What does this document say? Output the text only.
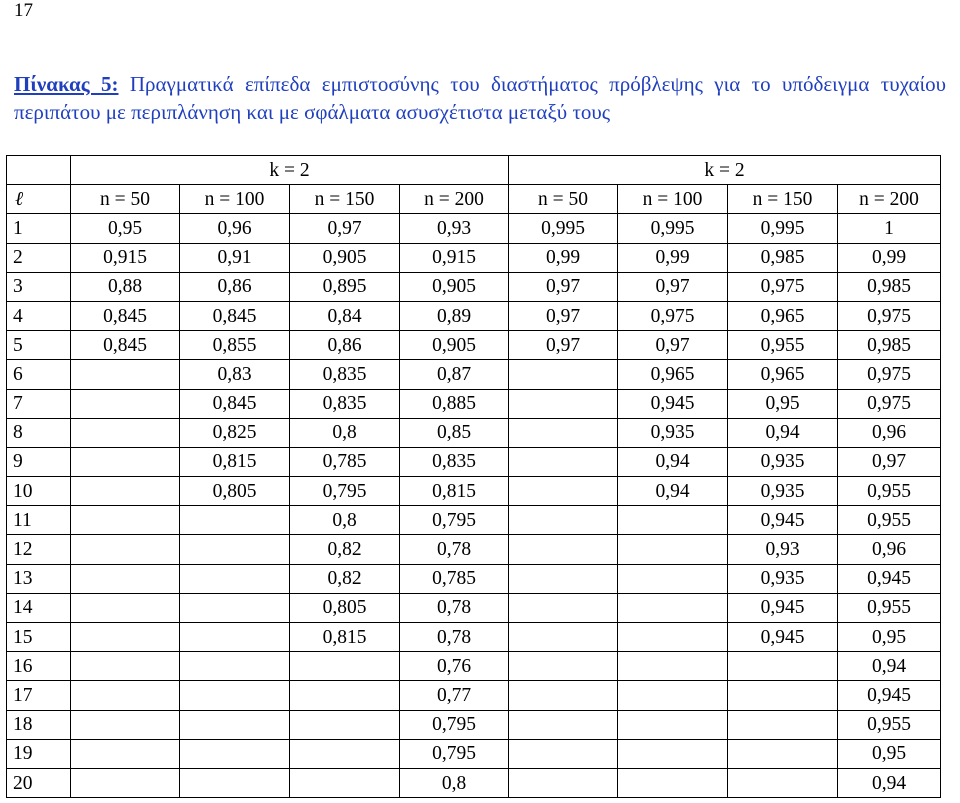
17
Πίνακας 5: Πραγματικά επίπεδα εμπιστοσύνης του διαστήματος πρόβλεψης για το υπόδειγμα τυχαίου περιπάτου με περιπλάνηση και με σφάλματα ασυσχέτιστα μεταξύ τους
	k = 2				k = 2			
ℓ	n = 50	n = 100	n = 150	n = 200	n = 50	n = 100	n = 150	n = 200
1	0,95	0,96	0,97	0,93	0,995	0,995	0,995	1
2	0,915	0,91	0,905	0,915	0,99	0,99	0,985	0,99
3	0,88	0,86	0,895	0,905	0,97	0,97	0,975	0,985
4	0,845	0,845	0,84	0,89	0,97	0,975	0,965	0,975
5	0,845	0,855	0,86	0,905	0,97	0,97	0,955	0,985
6		0,83	0,835	0,87		0,965	0,965	0,975
7		0,845	0,835	0,885		0,945	0,95	0,975
8		0,825	0,8	0,85		0,935	0,94	0,96
9		0,815	0,785	0,835		0,94	0,935	0,97
10		0,805	0,795	0,815		0,94	0,935	0,955
11			0,8	0,795			0,945	0,955
12			0,82	0,78			0,93	0,96
13			0,82	0,785			0,935	0,945
14			0,805	0,78			0,945	0,955
15			0,815	0,78			0,945	0,95
16				0,76				0,94
17				0,77				0,945
18				0,795				0,955
19				0,795				0,95
20				0,8				0,94
